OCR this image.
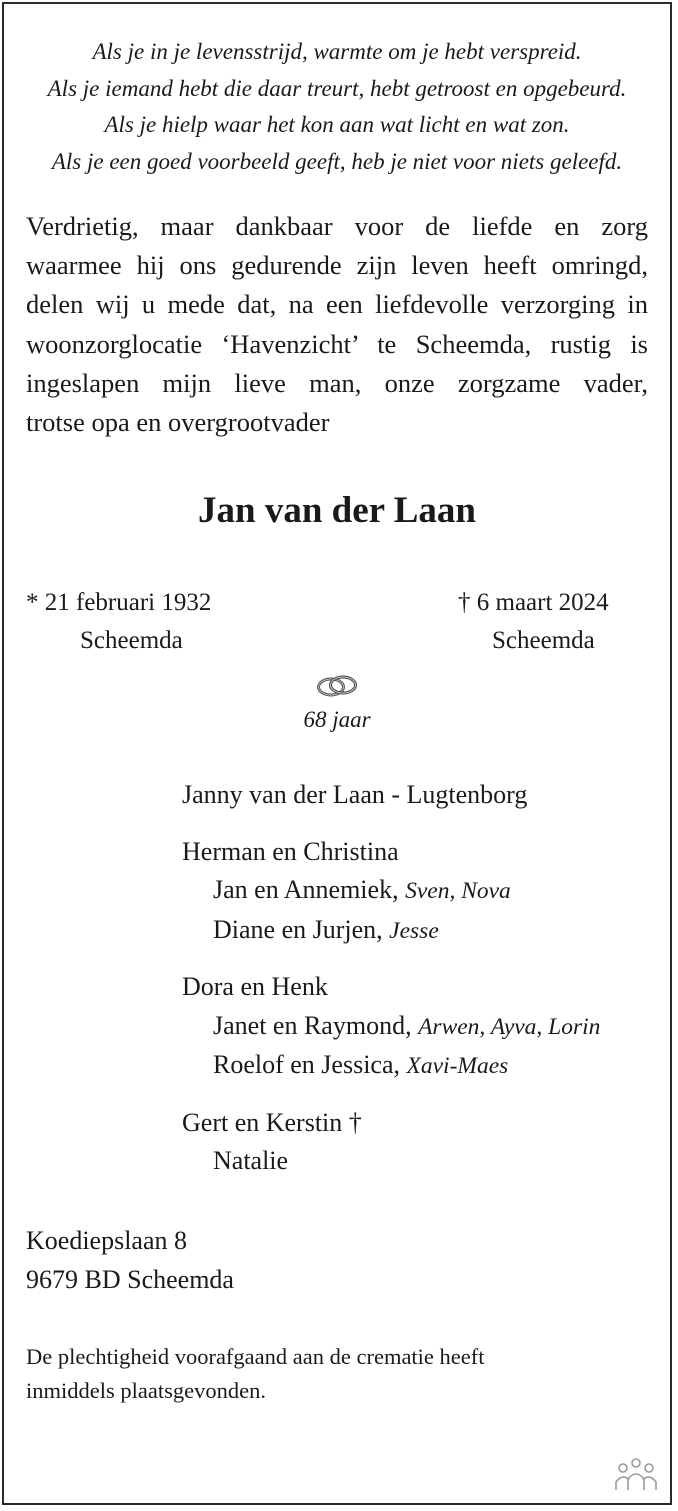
Als je in je levensstrijd, warmte om je hebt verspreid.
Als je iemand hebt die daar treurt, hebt getroost en opgebeurd.
Als je hielp waar het kon aan wat licht en wat zon.
Als je een goed voorbeeld geeft, heb je niet voor niets geleefd.
Verdrietig, maar dankbaar voor de liefde en zorg
waarmee hij ons gedurende zijn leven heeft omringd,
delen wij u mede dat, na een liefdevolle verzorging in
woonzorglocatie ‘Havenzicht’ te Scheemda, rustig is
ingeslapen mijn lieve man, onze zorgzame vader,
trotse opa en overgrootvader
Jan van der Laan
* 21 februari 1932
Scheemda
† 6 maart 2024
Scheemda
68 jaar
Janny van der Laan - Lugtenborg
Herman en Christina
Jan en Annemiek, Sven, Nova
Diane en Jurjen, Jesse
Dora en Henk
Janet en Raymond, Arwen, Ayva, Lorin
Roelof en Jessica, Xavi-Maes
Gert en Kerstin †
Natalie
Koediepslaan 8
9679 BD Scheemda
De plechtigheid voorafgaand aan de crematie heeft
inmiddels plaatsgevonden.
